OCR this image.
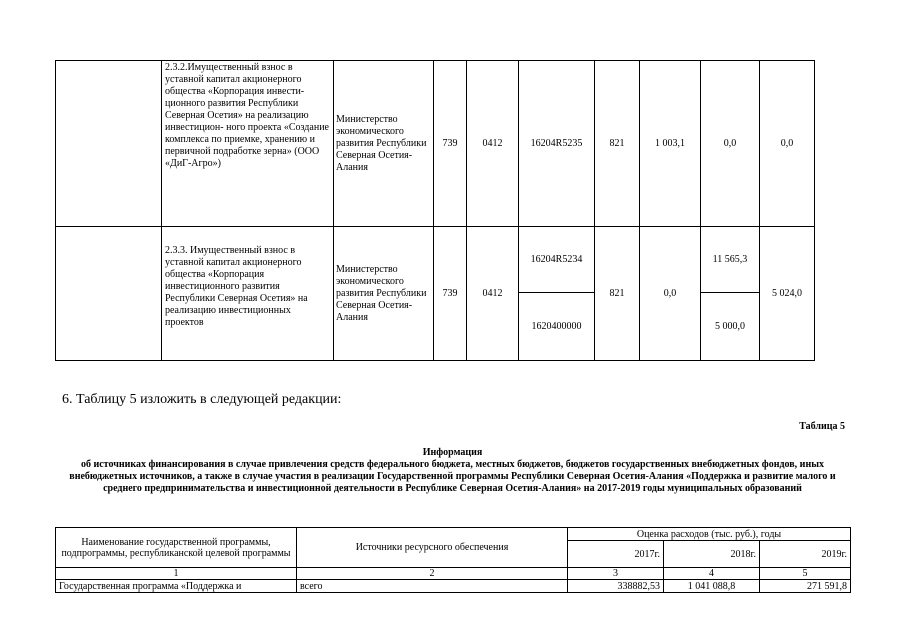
	2.3.2.Имущественный взнос в уставной капитал акционерного общества «Корпорация инвести- ционного развития Республики Северная Осетия» на реализацию инвестицион- ного проекта «Создание комплекса по приемке, хранению и первичной подработке зерна» (ООО «ДиГ-Агро»)	Министерство экономического развития Республики Северная Осетия-Алания	739	0412	16204R5235	821	1 003,1	0,0	0,0
	2.3.3. Имущественный взнос в уставной капитал акционерного общества «Корпорация инвестиционного развития Республики Северная Осетия» на реализацию инвестиционных проектов	Министерство экономического развития Республики Северная Осетия-Алания	739	0412	16204R5234	821	0,0	11 565,3	5 024,0
					1620400000			5 000,0	
6. Таблицу 5 изложить в следующей редакции:
Таблица 5
Информация
об источниках финансирования в случае привлечения средств федерального бюджета, местных бюджетов, бюджетов государственных внебюджетных фондов, иных внебюджетных источников, а также в случае участия в реализации Государственной программы Республики Северная Осетия-Алания «Поддержка и развитие малого и среднего предпринимательства и инвестиционной деятельности в Республике Северная Осетия-Алания» на 2017-2019 годы муниципальных образований
Наименование государственной программы, подпрограммы, республиканской целевой программы	Источники ресурсного обеспечения	Оценка расходов (тыс. руб.), годы		
		2017г.	2018г.	2019г.
1	2	3	4	5
Государственная программа «Поддержка и	всего	338882,53	1 041 088,8	271 591,8
